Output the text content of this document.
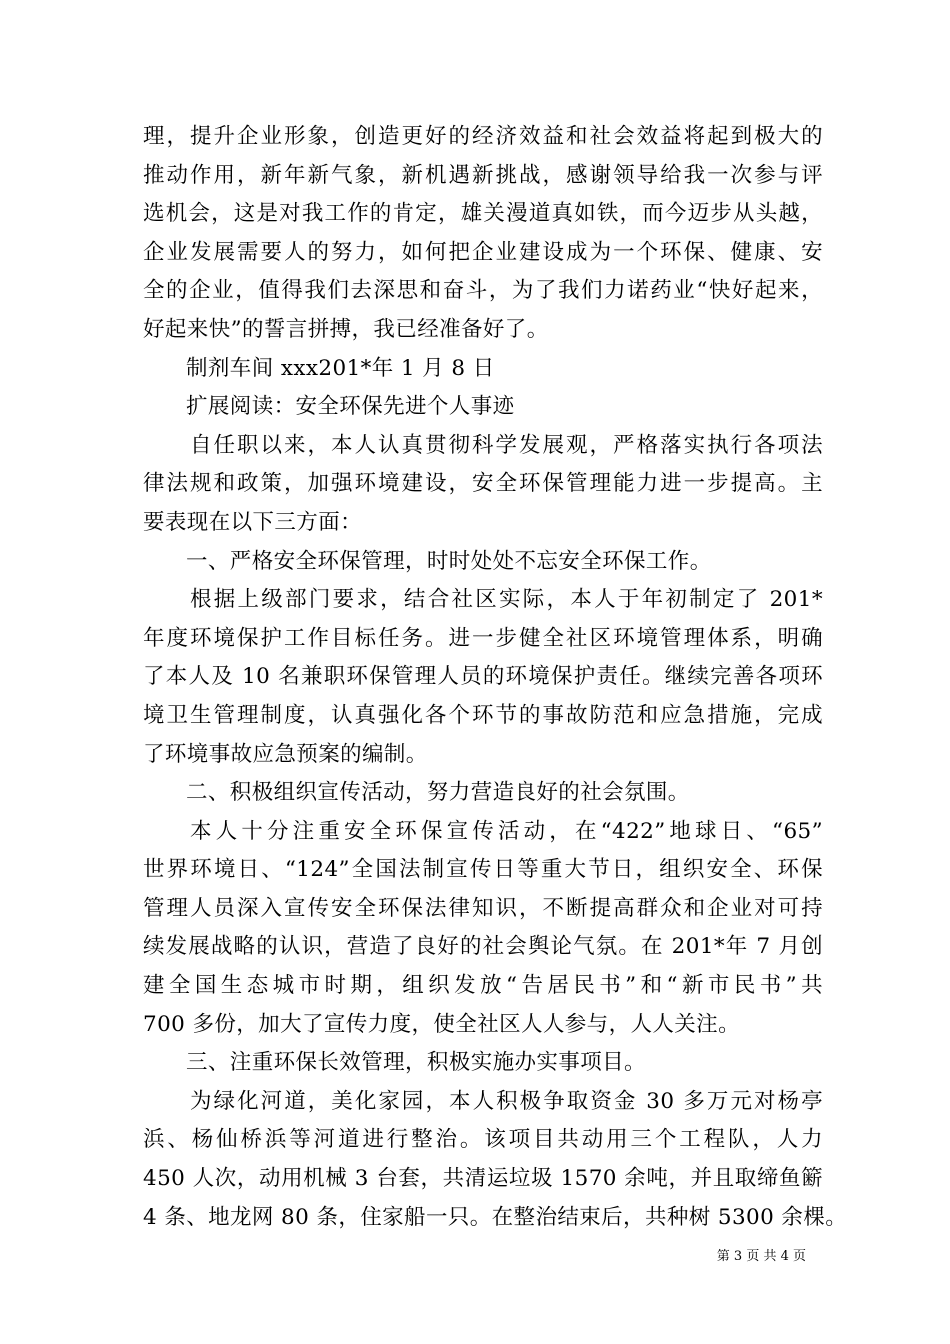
理，提升企业形象，创造更好的经济效益和社会效益将起到极大的
推动作用，新年新气象，新机遇新挑战，感谢领导给我一次参与评
选机会，这是对我工作的肯定，雄关漫道真如铁，而今迈步从头越，
企业发展需要人的努力，如何把企业建设成为一个环保、健康、安
全的企业，值得我们去深思和奋斗，为了我们力诺药业“快好起来，
好起来快”的誓言拼搏，我已经准备好了。
制剂车间 xxx201*年 1 月 8 日
扩展阅读：安全环保先进个人事迹
自任职以来，本人认真贯彻科学发展观，严格落实执行各项法
律法规和政策，加强环境建设，安全环保管理能力进一步提高。主
要表现在以下三方面：
一、严格安全环保管理，时时处处不忘安全环保工作。
根据上级部门要求，结合社区实际，本人于年初制定了 201*
年度环境保护工作目标任务。进一步健全社区环境管理体系，明确
了本人及 10 名兼职环保管理人员的环境保护责任。继续完善各项环
境卫生管理制度，认真强化各个环节的事故防范和应急措施，完成
了环境事故应急预案的编制。
二、积极组织宣传活动，努力营造良好的社会氛围。
本人十分注重安全环保宣传活动，在“422”地球日、“65”
世界环境日、“124”全国法制宣传日等重大节日，组织安全、环保
管理人员深入宣传安全环保法律知识，不断提高群众和企业对可持
续发展战略的认识，营造了良好的社会舆论气氛。在 201*年 7 月创
建全国生态城市时期，组织发放“告居民书”和“新市民书”共
700 多份，加大了宣传力度，使全社区人人参与，人人关注。
三、注重环保长效管理，积极实施办实事项目。
为绿化河道，美化家园，本人积极争取资金 30 多万元对杨亭
浜、杨仙桥浜等河道进行整治。该项目共动用三个工程队，人力
450 人次，动用机械 3 台套，共清运垃圾 1570 余吨，并且取缔鱼簖
4 条、地龙网 80 条，住家船一只。在整治结束后，共种树 5300 余棵。
第 3 页 共 4 页
